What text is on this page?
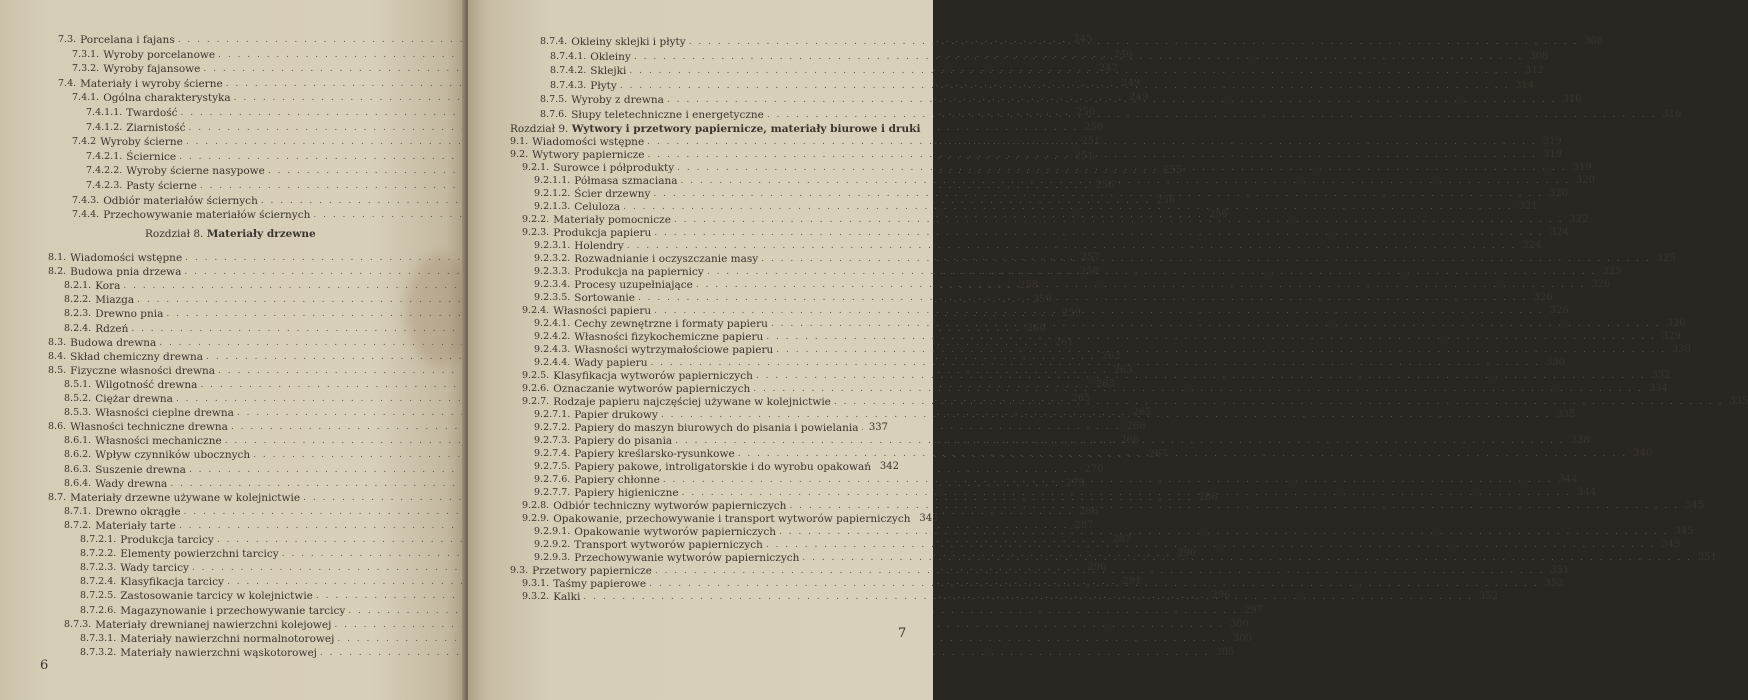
7.3. Porcelana i fajans . . .	245
7.3.1. Wyroby porcelanowe . . .	246
7.3.2. Wyroby fajansowe . . .	247
7.4. Materiały i wyroby ścierne . . .	249
7.4.1. Ogólna charakterystyka . . .	249
7.4.1.1. Twardość . . .	250
7.4.1.2. Ziarnistość . . .	250
7.4.2 Wyroby ścierne . . .	251
7.4.2.1. Ściernice . . .	251
7.4.2.2. Wyroby ścierne nasypowe . . .	255
7.4.2.3. Pasty ścierne . . .	256
7.4.3. Odbiór materiałów ściernych . . .	256
7.4.4. Przechowywanie materiałów ściernych . . .	256
8.1. Wiadomości wstępne . . .	257
8.2. Budowa pnia drzewa . . .	258
8.2.1. Kora . . .	258
8.2.2. Miazga . . .	259
8.2.3. Drewno pnia . . .	259
8.2.4. Rdzeń . . .	260
8.3. Budowa drewna . . .	261
8.4. Skład chemiczny drewna . . .	262
8.5. Fizyczne własności drewna . . .	263
8.5.1. Wilgotność drewna . . .	263
8.5.2. Ciężar drewna . . .	265
8.5.3. Własności cieplne drewna . . .	265
8.6. Własności techniczne drewna . . .	266
8.6.1. Własności mechaniczne . . .	266
8.6.2. Wpływ czynników ubocznych . . .	267
8.6.3. Suszenie drewna . . .	270
8.6.4. Wady drewna . . .	279
8.7. Materiały drzewne używane w kolejnictwie . . .	286
8.7.1. Drewno okrągłe . . .	286
8.7.2. Materiały tarte . . .	287
8.7.2.1. Produkcja tarcicy . . .	287
8.7.2.2. Elementy powierzchni tarcicy . . .	290
8.7.2.3. Wady tarcicy . . .	290
8.7.2.4. Klasyfikacja tarcicy . . .	291
8.7.2.5. Zastosowanie tarcicy w kolejnictwie . . .	296
8.7.2.6. Magazynowanie i przechowywanie tarcicy . . .	297
8.7.3. Materiały drewnianej nawierzchni kolejowej . . .	300
8.7.3.1. Materiały nawierzchni normalnotorowej . . .	300
8.7.3.2. Materiały nawierzchni wąskotorowej . . .	305
Rozdział 8. Materiały drzewne
6
8.7.4. Okleiny sklejki i płyty . . .	308
8.7.4.1. Okleiny . . .	308
8.7.4.2. Sklejki . . .	312
8.7.4.3. Płyty . . .	314
8.7.5. Wyroby z drewna . . .	316
8.7.6. Słupy teletechniczne i energetyczne . . .	316
9.1. Wiadomości wstępne . . .	319
9.2. Wytwory papiernicze . . .	319
9.2.1. Surowce i półprodukty . . .	319
9.2.1.1. Półmasa szmaciana . . .	320
9.2.1.2. Ścier drzewny . . .	320
9.2.1.3. Celuloza . . .	321
9.2.2. Materiały pomocnicze . . .	322
9.2.3. Produkcja papieru . . .	324
9.2.3.1. Holendry . . .	324
9.2.3.2. Rozwadnianie i oczyszczanie masy . . .	325
9.2.3.3. Produkcja na papiernicy . . .	325
9.2.3.4. Procesy uzupełniające . . .	326
9.2.3.5. Sortowanie . . .	326
9.2.4. Własności papieru . . .	326
9.2.4.1. Cechy zewnętrzne i formaty papieru . . .	326
9.2.4.2. Własności fizykochemiczne papieru . . .	329
9.2.4.3. Własności wytrzymałościowe papieru . . .	330
9.2.4.4. Wady papieru . . .	330
9.2.5. Klasyfikacja wytworów papierniczych . . .	332
9.2.6. Oznaczanie wytworów papierniczych . . .	334
9.2.7. Rodzaje papieru najczęściej używane w kolejnictwie . . .	335
9.2.7.1. Papier drukowy . . .	335
9.2.7.2. Papiery do maszyn biurowych do pisania i powielania . . . 337
9.2.7.3. Papiery do pisania . . .	338
9.2.7.4. Papiery kreślarsko-rysunkowe . . .	340
9.2.7.5. Papiery pakowe, introligatorskie i do wyrobu opakowań 342
9.2.7.6. Papiery chłonne . . .	344
9.2.7.7. Papiery higieniczne . . .	344
9.2.8. Odbiór techniczny wytworów papierniczych . . .	345
9.2.9. Opakowanie, przechowywanie i transport wytworów papierniczych 345
9.2.9.1. Opakowanie wytworów papierniczych . . .	345
9.2.9.2. Transport wytworów papierniczych . . .	349
9.2.9.3. Przechowywanie wytworów papierniczych . . .	351
9.3. Przetwory papiernicze . . .	351
9.3.1. Taśmy papierowe . . .	352
9.3.2. Kalki . . .	352
Rozdział 9. Wytwory i przetwory papiernicze, materiały biurowe i druki
7
